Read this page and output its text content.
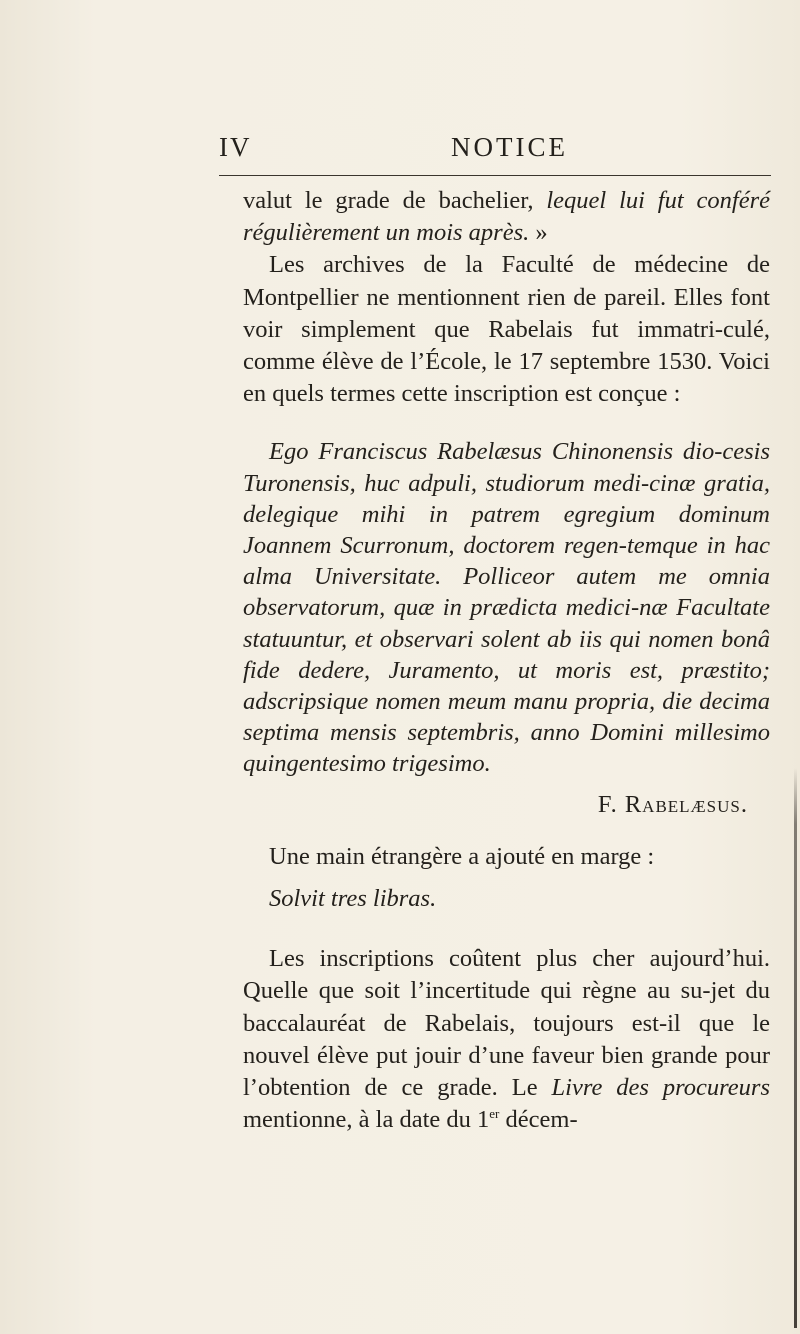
IV	NOTICE

valut le grade de bachelier, lequel lui fut conféré régulièrement un mois après. »

Les archives de la Faculté de médecine de Montpellier ne mentionnent rien de pareil. Elles font voir simplement que Rabelais fut immatri-culé, comme élève de l’École, le 17 septembre 1530. Voici en quels termes cette inscription est conçue :

Ego Franciscus Rabelæsus Chinonensis dio-cesis Turonensis, huc adpuli, studiorum medi-cinæ gratia, delegique mihi in patrem egregium dominum Joannem Scurronum, doctorem regen-temque in hac alma Universitate. Polliceor autem me omnia observatorum, quæ in prædicta medici-næ Facultate statuuntur, et observari solent ab iis qui nomen bonâ fide dedere, Juramento, ut moris est, præstito; adscripsique nomen meum manu propria, die decima septima mensis septembris, anno Domini millesimo quingentesimo trigesimo.

F. Rabelæsus.

Une main étrangère a ajouté en marge :

Solvit tres libras.

Les inscriptions coûtent plus cher aujourd’hui. Quelle que soit l’incertitude qui règne au su-jet du baccalauréat de Rabelais, toujours est-il que le nouvel élève put jouir d’une faveur bien grande pour l’obtention de ce grade. Le Livre des procureurs mentionne, à la date du 1er décem-
